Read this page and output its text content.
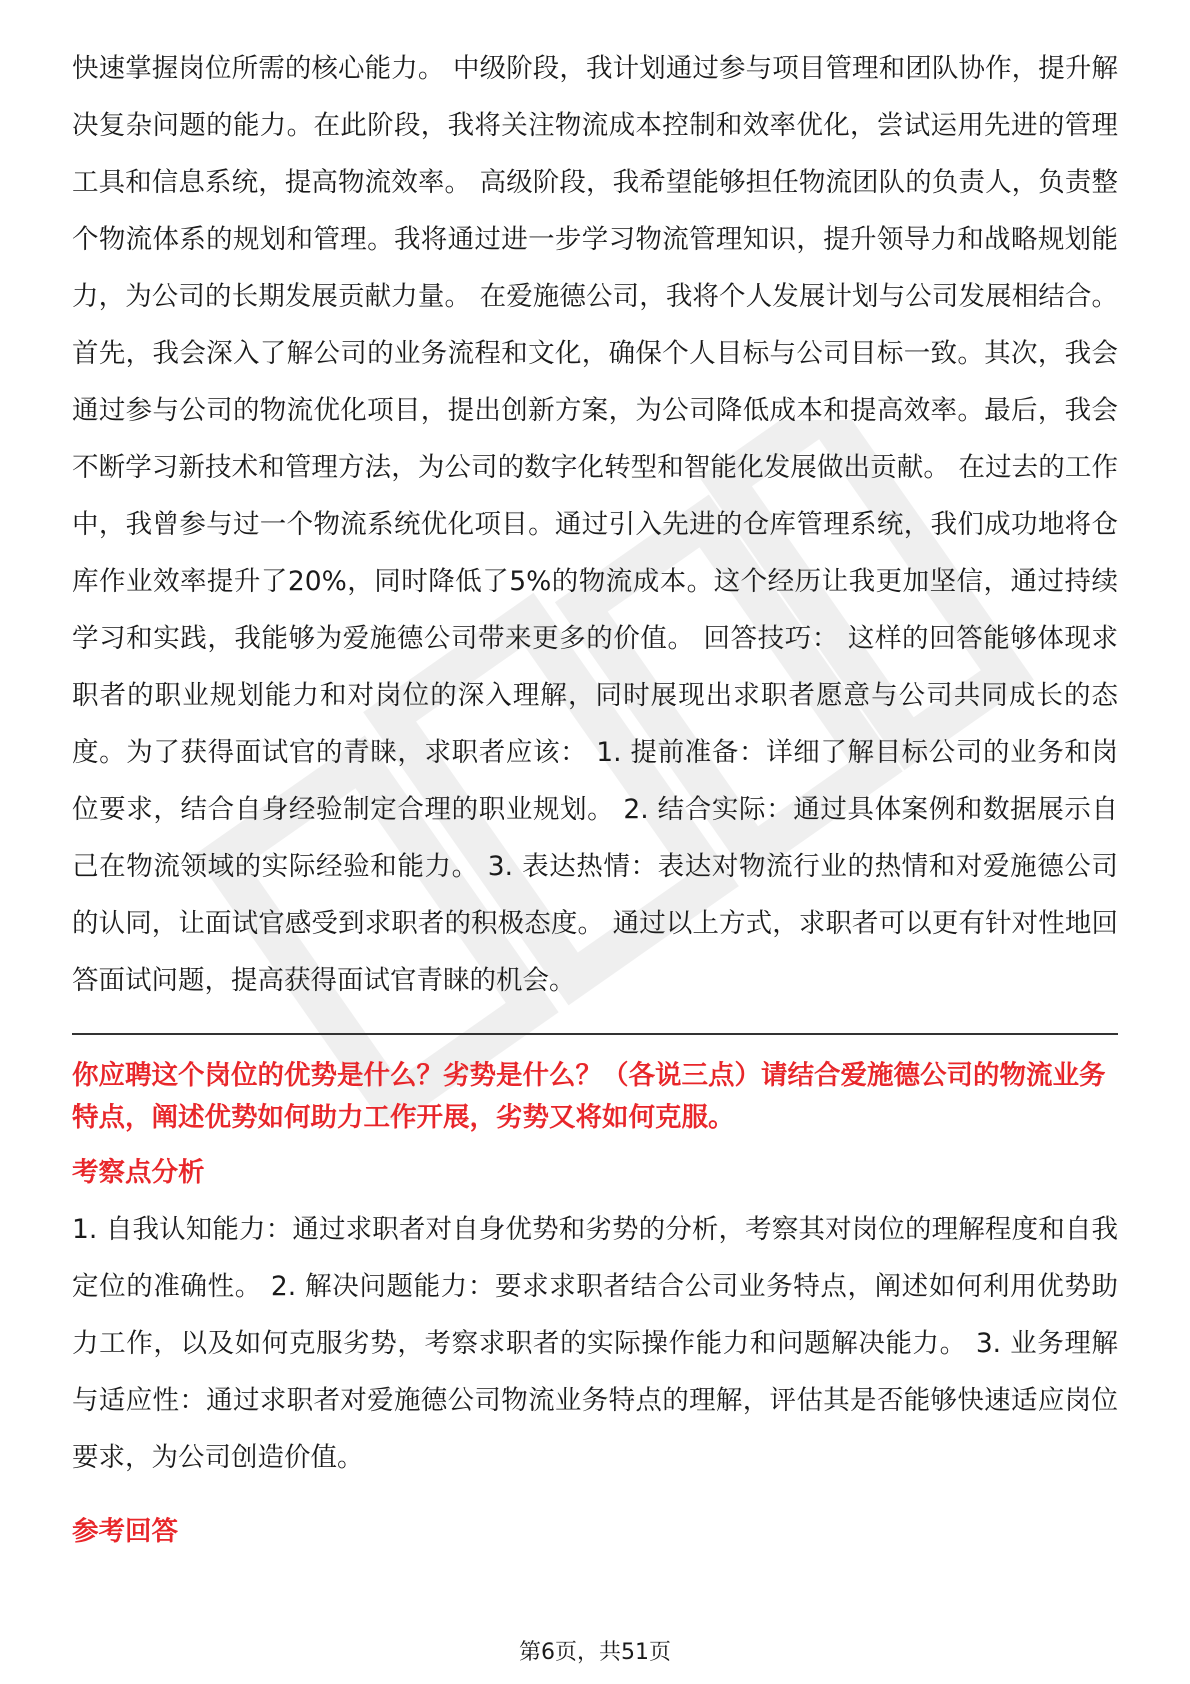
快速掌握岗位所需的核心能力。 中级阶段，我计划通过参与项目管理和团队协作，提升解决复杂问题的能力。在此阶段，我将关注物流成本控制和效率优化，尝试运用先进的管理工具和信息系统，提高物流效率。 高级阶段，我希望能够担任物流团队的负责人，负责整个物流体系的规划和管理。我将通过进一步学习物流管理知识，提升领导力和战略规划能力，为公司的长期发展贡献力量。 在爱施德公司，我将个人发展计划与公司发展相结合。首先，我会深入了解公司的业务流程和文化，确保个人目标与公司目标一致。其次，我会通过参与公司的物流优化项目，提出创新方案，为公司降低成本和提高效率。最后，我会不断学习新技术和管理方法，为公司的数字化转型和智能化发展做出贡献。 在过去的工作中，我曾参与过一个物流系统优化项目。通过引入先进的仓库管理系统，我们成功地将仓库作业效率提升了20%，同时降低了5%的物流成本。这个经历让我更加坚信，通过持续学习和实践，我能够为爱施德公司带来更多的价值。 回答技巧： 这样的回答能够体现求职者的职业规划能力和对岗位的深入理解，同时展现出求职者愿意与公司共同成长的态度。为了获得面试官的青睐，求职者应该： 1. 提前准备：详细了解目标公司的业务和岗位要求，结合自身经验制定合理的职业规划。 2. 结合实际：通过具体案例和数据展示自己在物流领域的实际经验和能力。 3. 表达热情：表达对物流行业的热情和对爱施德公司的认同，让面试官感受到求职者的积极态度。 通过以上方式，求职者可以更有针对性地回答面试问题，提高获得面试官青睐的机会。

你应聘这个岗位的优势是什么？劣势是什么？（各说三点）请结合爱施德公司的物流业务特点，阐述优势如何助力工作开展，劣势又将如何克服。

考察点分析

1. 自我认知能力：通过求职者对自身优势和劣势的分析，考察其对岗位的理解程度和自我定位的准确性。 2. 解决问题能力：要求求职者结合公司业务特点，阐述如何利用优势助力工作，以及如何克服劣势，考察求职者的实际操作能力和问题解决能力。 3. 业务理解与适应性：通过求职者对爱施德公司物流业务特点的理解，评估其是否能够快速适应岗位要求，为公司创造价值。

参考回答
第6页，共51页
